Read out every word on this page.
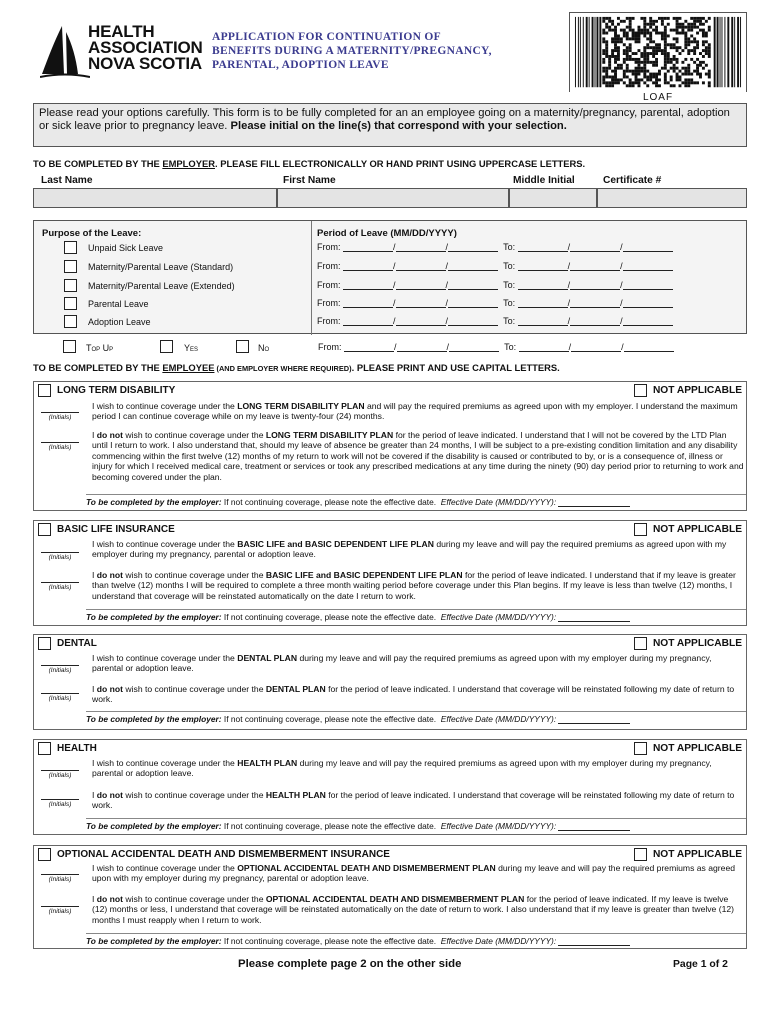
HEALTH
ASSOCIATION
NOVA SCOTIA
APPLICATION FOR CONTINUATION OF
BENEFITS DURING A MATERNITY/PREGNANCY,
PARENTAL, ADOPTION LEAVE
LOAF
Please read your options carefully. This form is to be fully completed for an an employee going on a maternity/pregnancy, parental, adoption or sick leave prior to pregnancy leave. Please initial on the line(s) that correspond with your selection.
TO BE COMPLETED BY THE EMPLOYER. PLEASE FILL ELECTRONICALLY OR HAND PRINT USING UPPERCASE LETTERS.
Last Name	First Name	Middle Initial	Certificate #
Purpose of the Leave:	Period of Leave (MM/DD/YYYY)
Unpaid Sick Leave	From:	/	/	To:	/	/
Maternity/Parental Leave (Standard)	From:	/	/	To:	/	/
Maternity/Parental Leave (Extended)	From:	/	/	To:	/	/
Parental Leave	From:	/	/	To:	/	/
Adoption Leave	From:	/	/	To:	/	/
Top Up	Yes	No	From:	/	/	To:	/	/
TO BE COMPLETED BY THE EMPLOYEE (AND EMPLOYER WHERE REQUIRED). PLEASE PRINT AND USE CAPITAL LETTERS.
LONG TERM DISABILITY	NOT APPLICABLE
(Initials)
I wish to continue coverage under the LONG TERM DISABILITY PLAN and will pay the required premiums as agreed upon with my employer. I understand the maximum period I can continue coverage while on my leave is twenty-four (24) months.
(Initials)
I do not wish to continue coverage under the LONG TERM DISABILITY PLAN for the period of leave indicated. I understand that I will not be covered by the LTD Plan until I return to work. I also understand that, should my leave of absence be greater than 24 months, I will be subject to a pre-existing condition limitation and any disability commencing within the first twelve (12) months of my return to work will not be covered if the disability is caused or contributed to by, or is a consequence of, illness or injury for which I received medical care, treatment or services or took any prescribed medications at any time during the ninety (90) day period prior to returning to work and becoming covered under the plan.
To be completed by the employer: If not continuing coverage, please note the effective date. Effective Date (MM/DD/YYYY):
BASIC LIFE INSURANCE	NOT APPLICABLE
(Initials)
I wish to continue coverage under the BASIC LIFE and BASIC DEPENDENT LIFE PLAN during my leave and will pay the required premiums as agreed upon with my employer during my pregnancy, parental or adoption leave.
(Initials)
I do not wish to continue coverage under the BASIC LIFE and BASIC DEPENDENT LIFE PLAN for the period of leave indicated. I understand that if my leave is greater than twelve (12) months I will be required to complete a three month waiting period before coverage under this Plan begins. If my leave is less than twelve (12) months, I understand that coverage will be reinstated automatically on the date I return to work.
To be completed by the employer: If not continuing coverage, please note the effective date. Effective Date (MM/DD/YYYY):
DENTAL	NOT APPLICABLE
(Initials)
I wish to continue coverage under the DENTAL PLAN during my leave and will pay the required premiums as agreed upon with my employer during my pregnancy, parental or adoption leave.
(Initials)
I do not wish to continue coverage under the DENTAL PLAN for the period of leave indicated. I understand that coverage will be reinstated following my date of return to work.
To be completed by the employer: If not continuing coverage, please note the effective date. Effective Date (MM/DD/YYYY):
HEALTH	NOT APPLICABLE
(Initials)
I wish to continue coverage under the HEALTH PLAN during my leave and will pay the required premiums as agreed upon with my employer during my pregnancy, parental or adoption leave.
(Initials)
I do not wish to continue coverage under the HEALTH PLAN for the period of leave indicated. I understand that coverage will be reinstated following my date of return to work.
To be completed by the employer: If not continuing coverage, please note the effective date. Effective Date (MM/DD/YYYY):
OPTIONAL ACCIDENTAL DEATH AND DISMEMBERMENT INSURANCE	NOT APPLICABLE
(Initials)
I wish to continue coverage under the OPTIONAL ACCIDENTAL DEATH AND DISMEMBERMENT PLAN during my leave and will pay the required premiums as agreed upon with my employer during my pregnancy, parental or adoption leave.
(Initials)
I do not wish to continue coverage under the OPTIONAL ACCIDENTAL DEATH AND DISMEMBERMENT PLAN for the period of leave indicated. If my leave is twelve (12) months or less, I understand that coverage will be reinstated automatically on the date of return to work. I also understand that if my leave is greater than twelve (12) months I must reapply when I return to work.
To be completed by the employer: If not continuing coverage, please note the effective date. Effective Date (MM/DD/YYYY):
Please complete page 2 on the other side	Page 1 of 2
